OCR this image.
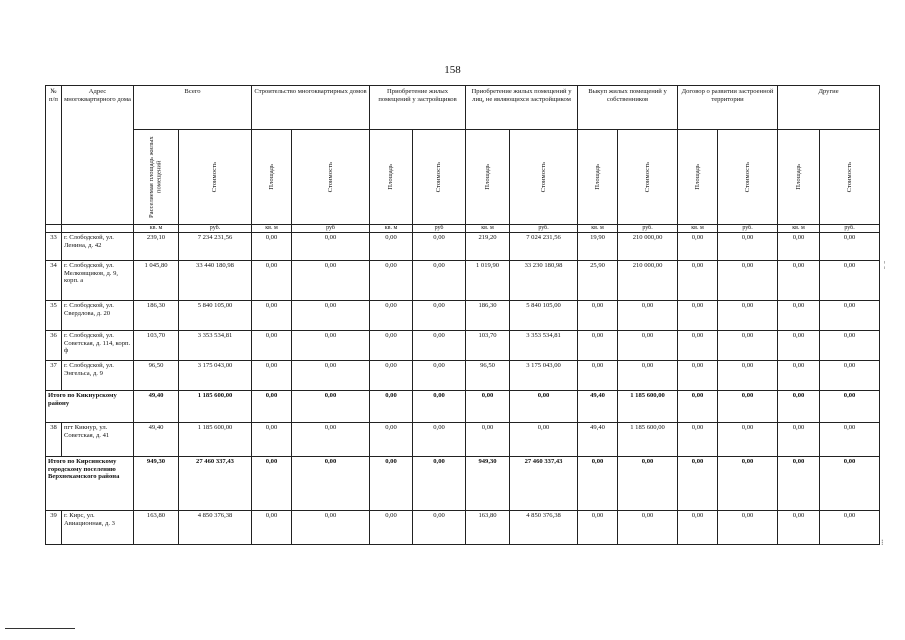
158
№ п/п	Адрес многоквартирного дома	Всего		Строительство многоквартирных домов		Приобретение жилых помещений у застройщиков		Приобретение жилых помещений у лиц, не являющихся застройщиком		Выкуп жилых помещений у собственников		Договор о развитии застроенной территории		Другие	

		Расселяемая площадь жилых помещений	Стоимость	Площадь	Стоимость	Площадь	Стоимость	Площадь	Стоимость	Площадь	Стоимость	Площадь	Стоимость	Площадь	Стоимость

		кв. м	руб.	кв. м	руб	кв. м	руб	кв. м	руб.	кв. м	руб.	кв. м	руб.	кв. м	руб.
33	г. Слободской, ул. Ленина, д. 42	239,10	7 234 231,56	0,00	0,00	0,00	0,00	219,20	7 024 231,56	19,90	210 000,00	0,00	0,00	0,00	0,00
34	г. Слободской, ул. Мелковщиков, д. 9, корп. а	1 045,80	33 440 180,98	0,00	0,00	0,00	0,00	1 019,90	33 230 180,98	25,90	210 000,00	0,00	0,00	0,00	0,00
35	г. Слободской, ул. Свердлова, д. 20	186,30	5 840 105,00	0,00	0,00	0,00	0,00	186,30	5 840 105,00	0,00	0,00	0,00	0,00	0,00	0,00
36	г. Слободской, ул. Советская, д. 114, корп. ф	103,70	3 353 534,81	0,00	0,00	0,00	0,00	103,70	3 353 534,81	0,00	0,00	0,00	0,00	0,00	0,00
37	г. Слободской, ул. Энгельса, д. 9	96,50	3 175 043,00	0,00	0,00	0,00	0,00	96,50	3 175 043,00	0,00	0,00	0,00	0,00	0,00	0,00
Итого по Кикнурскому району		49,40	1 185 600,00	0,00	0,00	0,00	0,00	0,00	0,00	49,40	1 185 600,00	0,00	0,00	0,00	0,00
38	пгт Кикнур, ул. Советская, д. 41	49,40	1 185 600,00	0,00	0,00	0,00	0,00	0,00	0,00	49,40	1 185 600,00	0,00	0,00	0,00	0,00
Итого по Кирсинскому городскому поселению Верхнекамского района		949,30	27 460 337,43	0,00	0,00	0,00	0,00	949,30	27 460 337,43	0,00	0,00	0,00	0,00	0,00	0,00
39	г. Кирс, ул. Авиационная, д. 3	163,80	4 850 376,38	0,00	0,00	0,00	0,00	163,80	4 850 376,38	0,00	0,00	0,00	0,00	0,00	0,00
¦
⁝
